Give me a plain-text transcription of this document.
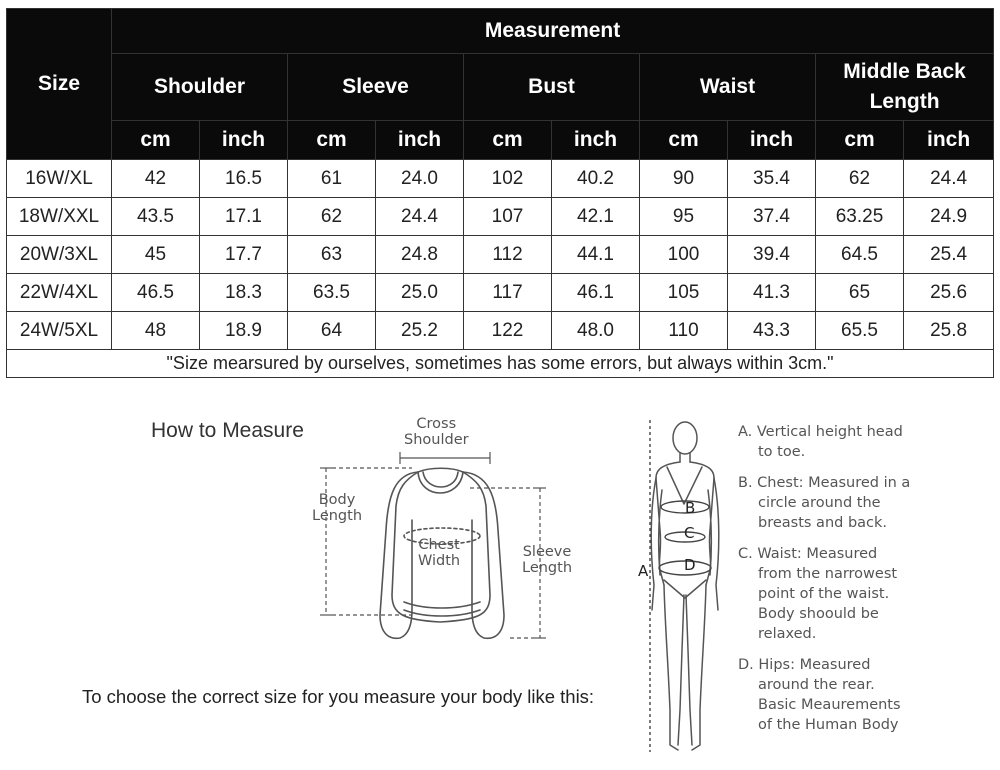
Size	Measurement									
	Shoulder		Sleeve		Bust		Waist		Middle Back
Length	
	cm	inch	cm	inch	cm	inch	cm	inch	cm	inch
16W/XL	42	16.5	61	24.0	102	40.2	90	35.4	62	24.4
18W/XXL	43.5	17.1	62	24.4	107	42.1	95	37.4	63.25	24.9
20W/3XL	45	17.7	63	24.8	112	44.1	100	39.4	64.5	25.4
22W/4XL	46.5	18.3	63.5	25.0	117	46.1	105	41.3	65	25.6
24W/5XL	48	18.9	64	25.2	122	48.0	110	43.3	65.5	25.8
"Size mearsured by ourselves, sometimes has some errors, but always within 3cm."										
How to Measure
To choose the correct size for you measure your body like this:
Cross
Shoulder
Body
Length
Chest
Width
Sleeve
Length	A
B
C
D
A. Vertical height head
to toe.
B. Chest: Measured in a
circle around the
breasts and back.
C. Waist: Measured
from the narrowest
point of the waist.
Body shoould be
relaxed.
D. Hips: Measured
around the rear.
Basic Meaurements
of the Human Body
